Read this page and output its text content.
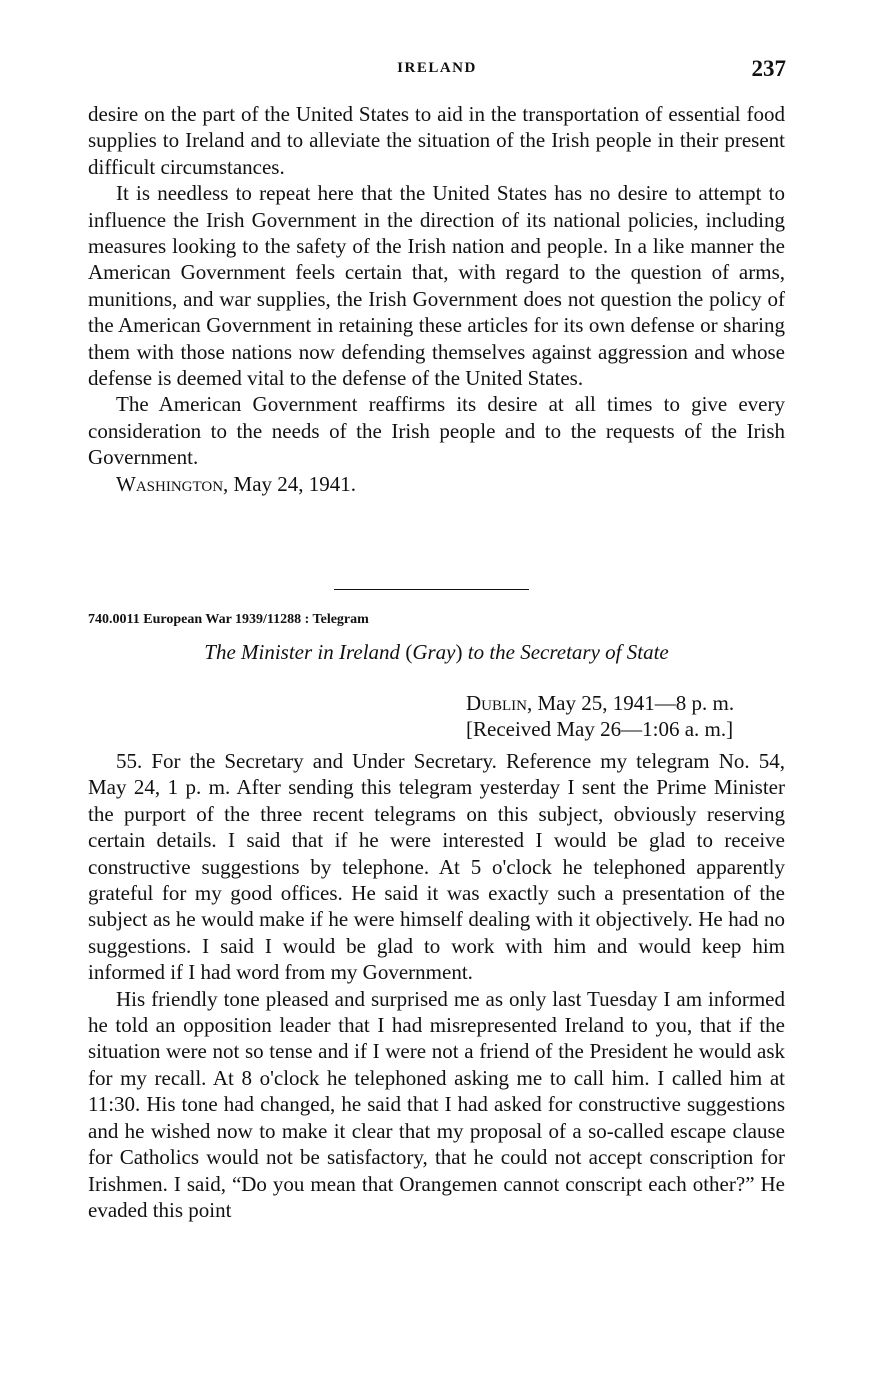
IRELAND	237

desire on the part of the United States to aid in the transportation of essential food supplies to Ireland and to alleviate the situation of the Irish people in their present difficult circumstances.

It is needless to repeat here that the United States has no desire to attempt to influence the Irish Government in the direction of its national policies, including measures looking to the safety of the Irish nation and people. In a like manner the American Government feels certain that, with regard to the question of arms, munitions, and war supplies, the Irish Government does not question the policy of the American Government in retaining these articles for its own defense or sharing them with those nations now defending themselves against aggression and whose defense is deemed vital to the defense of the United States.

The American Government reaffirms its desire at all times to give every consideration to the needs of the Irish people and to the requests of the Irish Government.

Washington, May 24, 1941.

740.0011 European War 1939/11288 : Telegram
The Minister in Ireland (Gray) to the Secretary of State
Dublin, May 25, 1941—8 p. m.
[Received May 26—1:06 a. m.]

55. For the Secretary and Under Secretary. Reference my telegram No. 54, May 24, 1 p. m. After sending this telegram yesterday I sent the Prime Minister the purport of the three recent telegrams on this subject, obviously reserving certain details. I said that if he were interested I would be glad to receive constructive suggestions by telephone. At 5 o'clock he telephoned apparently grateful for my good offices. He said it was exactly such a presentation of the subject as he would make if he were himself dealing with it objectively. He had no suggestions. I said I would be glad to work with him and would keep him informed if I had word from my Government.

His friendly tone pleased and surprised me as only last Tuesday I am informed he told an opposition leader that I had misrepresented Ireland to you, that if the situation were not so tense and if I were not a friend of the President he would ask for my recall. At 8 o'clock he telephoned asking me to call him. I called him at 11:30. His tone had changed, he said that I had asked for constructive suggestions and he wished now to make it clear that my proposal of a so-called escape clause for Catholics would not be satisfactory, that he could not accept conscription for Irishmen. I said, “Do you mean that Orangemen cannot conscript each other?” He evaded this point
